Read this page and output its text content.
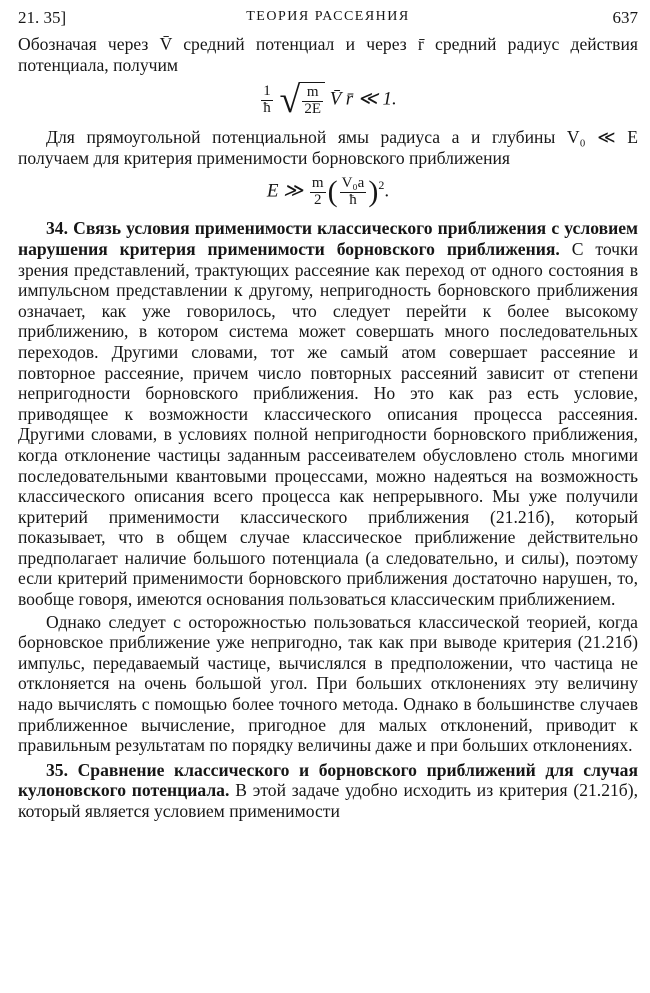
21. 35]	ТЕОРИЯ РАССЕЯНИЯ	637

Обозначая через V̄ средний потенциал и через r̄ средний радиус действия потенциала, получим

$\frac{1}{ħ}$ √ $\frac{m}{2E}$ V̄ r̄ ≪ 1.

Для прямоугольной потенциальной ямы радиуса a и глубины V₀ ≪ E получаем для критерия применимости борновского приближения

E ≫ $\frac{m}{2}$ ( $\frac{\text{V₀a}}{ħ} )^2$.

34. Связь условия применимости классического приближения с условием нарушения критерия применимости борновского приближения. С точки зрения представлений, трактующих рассеяние как переход от одного состояния в импульсном представлении к другому, непригодность борновского приближения означает, как уже говорилось, что следует перейти к более высокому приближению, в котором система может совершать много последовательных переходов. Другими словами, тот же самый атом совершает рассеяние и повторное рассеяние, причем число повторных рассеяний зависит от степени непригодности борновского приближения. Но это как раз есть условие, приводящее к возможности классического описания процесса рассеяния. Другими словами, в условиях полной непригодности борновского приближения, когда отклонение частицы заданным рассеивателем обусловлено столь многими последовательными квантовыми процессами, можно надеяться на возможность классического описания всего процесса как непрерывного. Мы уже получили критерий применимости классического приближения (21.21б), который показывает, что в общем случае классическое приближение действительно предполагает наличие большого потенциала (а следовательно, и силы), поэтому если критерий применимости борновского приближения достаточно нарушен, то, вообще говоря, имеются основания пользоваться классическим приближением.

Однако следует с осторожностью пользоваться классической теорией, когда борновское приближение уже непригодно, так как при выводе критерия (21.21б) импульс, передаваемый частице, вычислялся в предположении, что частица не отклоняется на очень большой угол. При больших отклонениях эту величину надо вычислять с помощью более точного метода. Однако в большинстве случаев приближенное вычисление, пригодное для малых отклонений, приводит к правильным результатам по порядку величины даже и при больших отклонениях.

35. Сравнение классического и борновского приближений для случая кулоновского потенциала. В этой задаче удобно исходить из критерия (21.21б), который является условием применимости
